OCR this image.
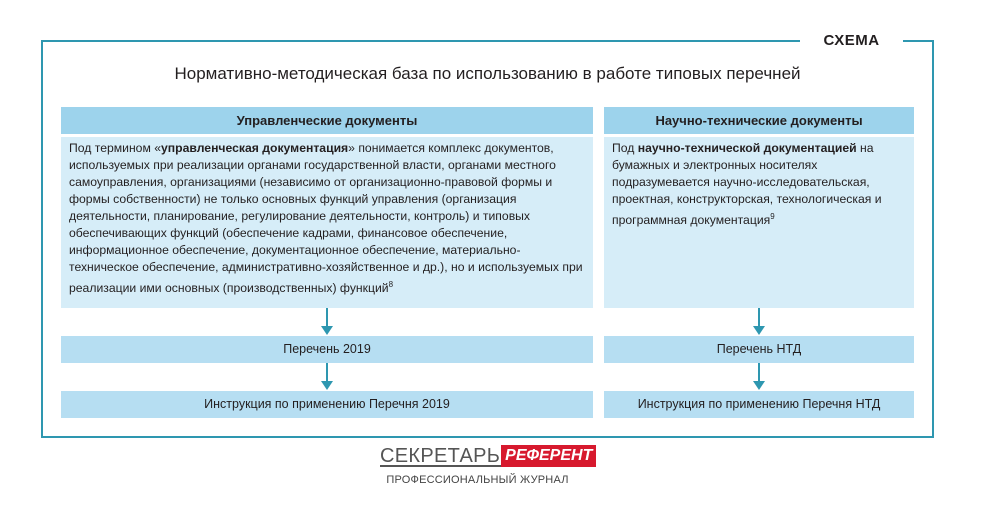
СХЕМА
Нормативно-методическая база по использованию в работе типовых перечней
Управленческие документы
Под термином «управленческая документация» понимается комплекс документов, используемых при реализации органами государственной власти, органами местного самоуправления, организациями (независимо от организационно-правовой формы и формы собственности) не только основных функций управления (организация деятельности, планирование, регулирование деятельности, контроль) и типовых обеспечивающих функций (обеспечение кадрами, финансовое обеспечение, информационное обеспечение, документационное обеспечение, материально-техническое обеспечение, административно-хозяйственное и др.), но и используемых при реализации ими основных (производственных) функций$^8$
Перечень 2019
Инструкция по применению Перечня 2019
Научно-технические документы
Под научно-технической документацией на бумажных и электронных носителях подразумевается научно-исследовательская, проектная, конструкторская, технологическая и программная документация$^9$
Перечень НТД
Инструкция по применению Перечня НТД
СЕКРЕТАРЬ РЕФЕРЕНТ
ПРОФЕССИОНАЛЬНЫЙ ЖУРНАЛ
